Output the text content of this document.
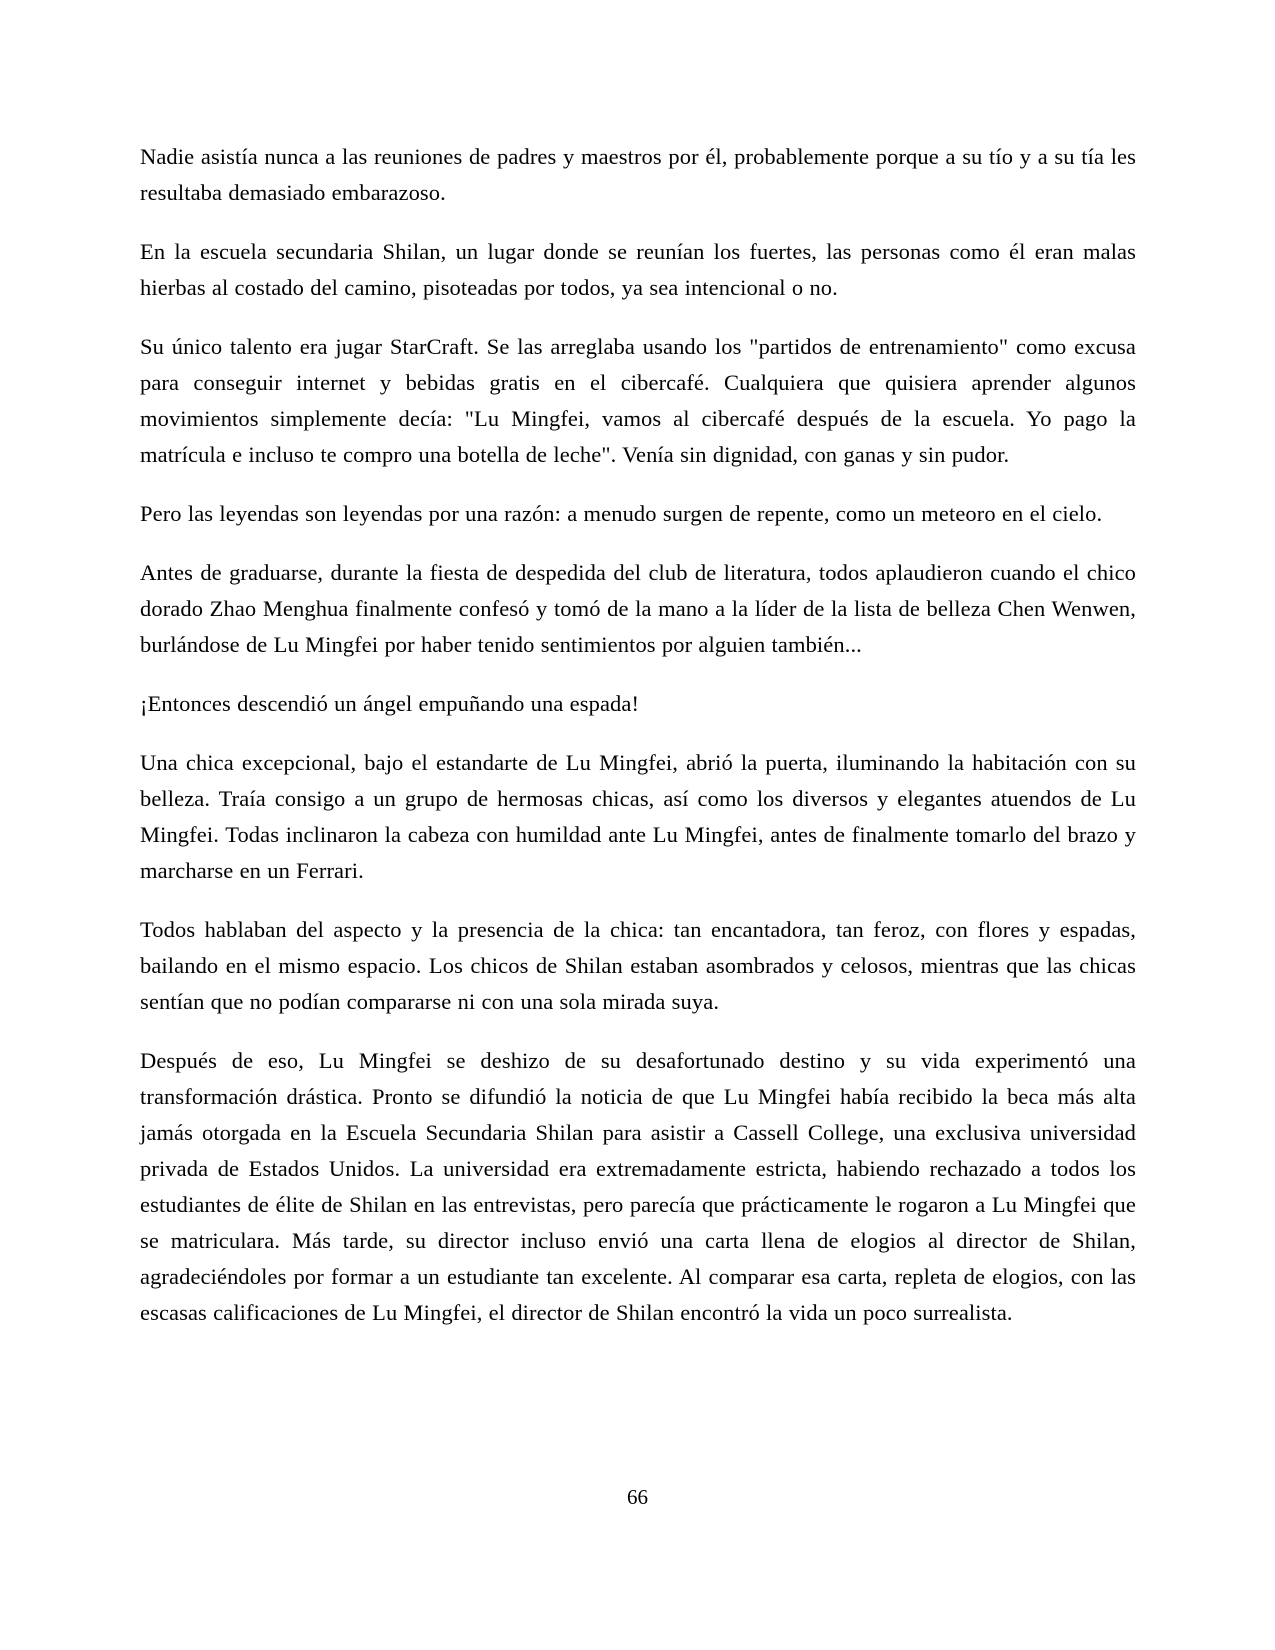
Nadie asistía nunca a las reuniones de padres y maestros por él, probablemente porque a su tío y a su tía les resultaba demasiado embarazoso.

En la escuela secundaria Shilan, un lugar donde se reunían los fuertes, las personas como él eran malas hierbas al costado del camino, pisoteadas por todos, ya sea intencional o no.

Su único talento era jugar StarCraft. Se las arreglaba usando los "partidos de entrenamiento" como excusa para conseguir internet y bebidas gratis en el cibercafé. Cualquiera que quisiera aprender algunos movimientos simplemente decía: "Lu Mingfei, vamos al cibercafé después de la escuela. Yo pago la matrícula e incluso te compro una botella de leche". Venía sin dignidad, con ganas y sin pudor.

Pero las leyendas son leyendas por una razón: a menudo surgen de repente, como un meteoro en el cielo.

Antes de graduarse, durante la fiesta de despedida del club de literatura, todos aplaudieron cuando el chico dorado Zhao Menghua finalmente confesó y tomó de la mano a la líder de la lista de belleza Chen Wenwen, burlándose de Lu Mingfei por haber tenido sentimientos por alguien también...

¡Entonces descendió un ángel empuñando una espada!

Una chica excepcional, bajo el estandarte de Lu Mingfei, abrió la puerta, iluminando la habitación con su belleza. Traía consigo a un grupo de hermosas chicas, así como los diversos y elegantes atuendos de Lu Mingfei. Todas inclinaron la cabeza con humildad ante Lu Mingfei, antes de finalmente tomarlo del brazo y marcharse en un Ferrari.

Todos hablaban del aspecto y la presencia de la chica: tan encantadora, tan feroz, con flores y espadas, bailando en el mismo espacio. Los chicos de Shilan estaban asombrados y celosos, mientras que las chicas sentían que no podían compararse ni con una sola mirada suya.

Después de eso, Lu Mingfei se deshizo de su desafortunado destino y su vida experimentó una transformación drástica. Pronto se difundió la noticia de que Lu Mingfei había recibido la beca más alta jamás otorgada en la Escuela Secundaria Shilan para asistir a Cassell College, una exclusiva universidad privada de Estados Unidos. La universidad era extremadamente estricta, habiendo rechazado a todos los estudiantes de élite de Shilan en las entrevistas, pero parecía que prácticamente le rogaron a Lu Mingfei que se matriculara. Más tarde, su director incluso envió una carta llena de elogios al director de Shilan, agradeciéndoles por formar a un estudiante tan excelente. Al comparar esa carta, repleta de elogios, con las escasas calificaciones de Lu Mingfei, el director de Shilan encontró la vida un poco surrealista.

66
